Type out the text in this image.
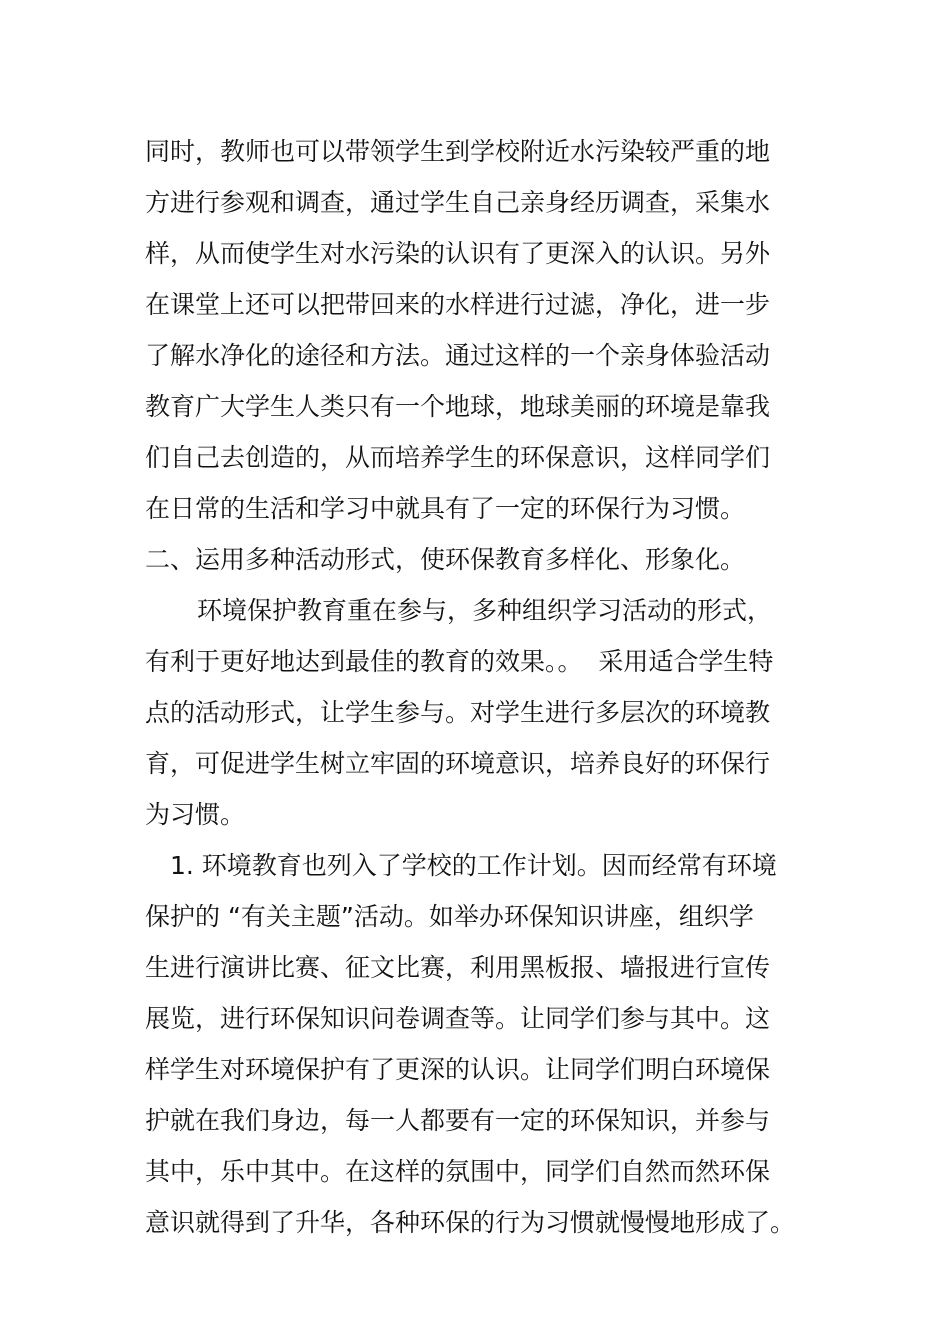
同时，教师也可以带领学生到学校附近水污染较严重的地
方进行参观和调查，通过学生自己亲身经历调查，采集水
样，从而使学生对水污染的认识有了更深入的认识。另外
在课堂上还可以把带回来的水样进行过滤，净化，进一步
了解水净化的途径和方法。通过这样的一个亲身体验活动
教育广大学生人类只有一个地球，地球美丽的环境是靠我
们自己去创造的，从而培养学生的环保意识，这样同学们
在日常的生活和学习中就具有了一定的环保行为习惯。
二、运用多种活动形式，使环保教育多样化、形象化。
环境保护教育重在参与，多种组织学习活动的形式，
有利于更好地达到最佳的教育的效果。。  采用适合学生特
点的活动形式，让学生参与。对学生进行多层次的环境教
育，可促进学生树立牢固的环境意识，培养良好的环保行
为习惯。
1. 环境教育也列入了学校的工作计划。因而经常有环境
保护的 “有关主题”活动。如举办环保知识讲座，组织学
生进行演讲比赛、征文比赛，利用黑板报、墙报进行宣传
展览，进行环保知识问卷调查等。让同学们参与其中。这
样学生对环境保护有了更深的认识。让同学们明白环境保
护就在我们身边，每一人都要有一定的环保知识，并参与
其中，乐中其中。在这样的氛围中，同学们自然而然环保
意识就得到了升华，各种环保的行为习惯就慢慢地形成了。
